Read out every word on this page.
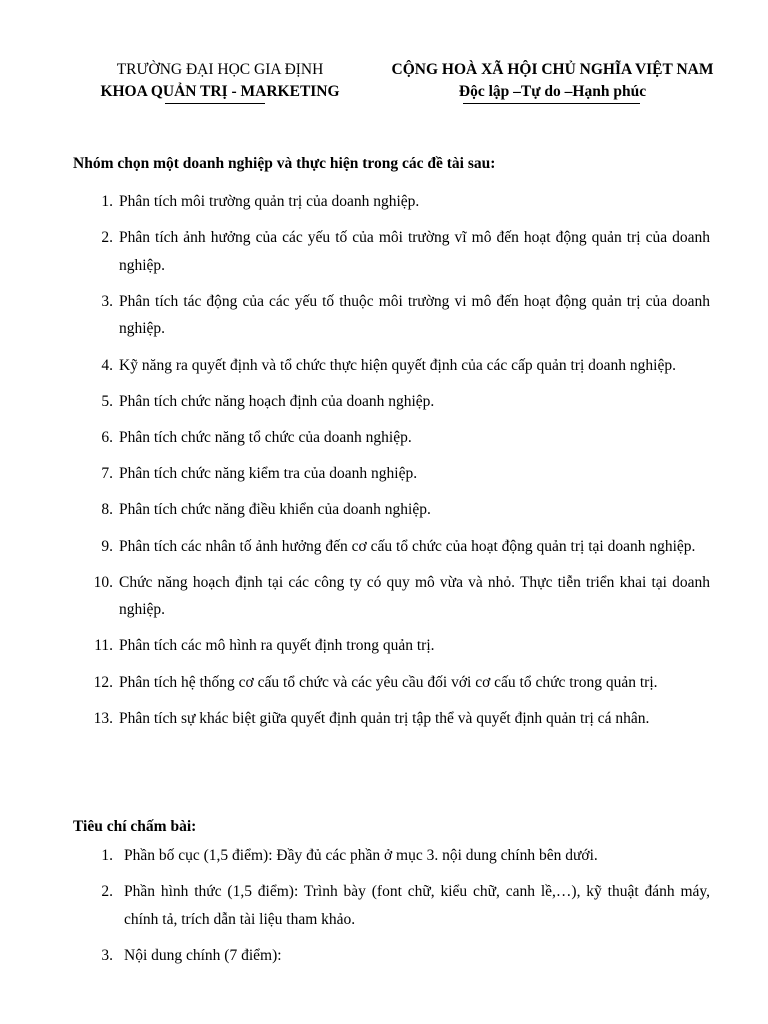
TRƯỜNG ĐẠI HỌC GIA ĐỊNH
KHOA QUẢN TRỊ - MARKETING
CỘNG HOÀ XÃ HỘI CHỦ NGHĨA VIỆT NAM
Độc lập –Tự do –Hạnh phúc
Nhóm chọn một doanh nghiệp và thực hiện trong các đề tài sau:
1. Phân tích môi trường quản trị của doanh nghiệp.
2. Phân tích ảnh hưởng của các yếu tố của môi trường vĩ mô đến hoạt động quản trị của doanh nghiệp.
3. Phân tích tác động của các yếu tố thuộc môi trường vi mô đến hoạt động quản trị của doanh nghiệp.
4. Kỹ năng ra quyết định và tổ chức thực hiện quyết định của các cấp quản trị doanh nghiệp.
5. Phân tích chức năng hoạch định của doanh nghiệp.
6. Phân tích chức năng tổ chức của doanh nghiệp.
7. Phân tích chức năng kiểm tra của doanh nghiệp.
8. Phân tích chức năng điều khiển của doanh nghiệp.
9. Phân tích các nhân tố ảnh hưởng đến cơ cấu tổ chức của hoạt động quản trị tại doanh nghiệp.
10. Chức năng hoạch định tại các công ty có quy mô vừa và nhỏ. Thực tiễn triển khai tại doanh nghiệp.
11. Phân tích các mô hình ra quyết định trong quản trị.
12. Phân tích hệ thống cơ cấu tổ chức và các yêu cầu đối với cơ cấu tổ chức trong quản trị.
13. Phân tích sự khác biệt giữa quyết định quản trị tập thể và quyết định quản trị cá nhân.
Tiêu chí chấm bài:
1. Phần bố cục (1,5 điểm): Đầy đủ các phần ở mục 3. nội dung chính bên dưới.
2. Phần hình thức (1,5 điểm): Trình bày (font chữ, kiểu chữ, canh lề,…), kỹ thuật đánh máy, chính tả, trích dẫn tài liệu tham khảo.
3. Nội dung chính (7 điểm):
